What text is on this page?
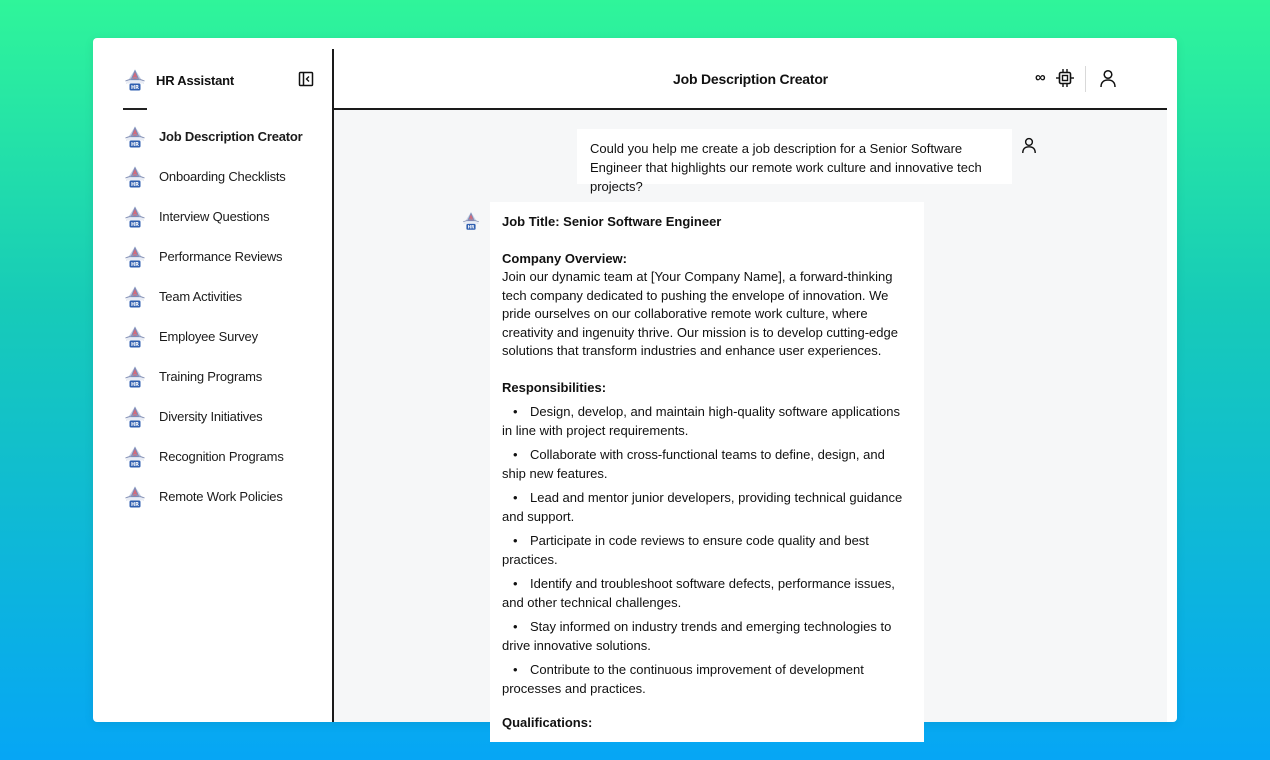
HR Assistant
Job Description Creator
Onboarding Checklists
Interview Questions
Performance Reviews
Team Activities
Employee Survey
Training Programs
Diversity Initiatives
Recognition Programs
Remote Work Policies
Job Description Creator	∞
Could you help me create a job description for a Senior Software Engineer that highlights our remote work culture and innovative tech projects?
Job Title: Senior Software Engineer
Company Overview:
Join our dynamic team at [Your Company Name], a forward-thinking tech company dedicated to pushing the envelope of innovation. We pride ourselves on our collaborative remote work culture, where creativity and ingenuity thrive. Our mission is to develop cutting-edge solutions that transform industries and enhance user experiences.
Responsibilities:
• Design, develop, and maintain high-quality software applications in line with project requirements.
• Collaborate with cross-functional teams to define, design, and ship new features.
• Lead and mentor junior developers, providing technical guidance and support.
• Participate in code reviews to ensure code quality and best practices.
• Identify and troubleshoot software defects, performance issues, and other technical challenges.
• Stay informed on industry trends and emerging technologies to drive innovative solutions.
• Contribute to the continuous improvement of development processes and practices.
Qualifications:
